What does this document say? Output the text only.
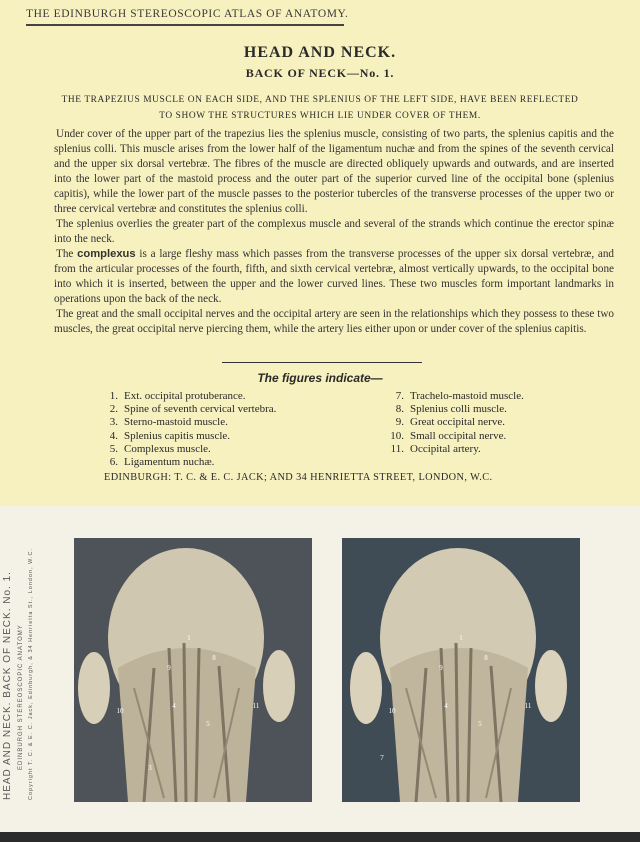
THE EDINBURGH STEREOSCOPIC ATLAS OF ANATOMY.
HEAD AND NECK.
BACK OF NECK—No. 1.
THE TRAPEZIUS MUSCLE ON EACH SIDE, AND THE SPLENIUS OF THE LEFT SIDE, HAVE BEEN REFLECTED TO SHOW THE STRUCTURES WHICH LIE UNDER COVER OF THEM.

Under cover of the upper part of the trapezius lies the splenius muscle, consisting of two parts, the splenius capitis and the splenius colli. This muscle arises from the lower half of the ligamentum nuchæ and from the spines of the seventh cervical and the upper six dorsal vertebræ. The fibres of the muscle are directed obliquely upwards and outwards, and are inserted into the lower part of the mastoid process and the outer part of the superior curved line of the occipital bone (splenius capitis), while the lower part of the muscle passes to the posterior tubercles of the transverse processes of the upper two or three cervical vertebræ and constitutes the splenius colli.

The splenius overlies the greater part of the complexus muscle and several of the strands which continue the erector spinæ into the neck.

The complexus is a large fleshy mass which passes from the transverse processes of the upper six dorsal vertebræ, and from the articular processes of the fourth, fifth, and sixth cervical vertebræ, almost vertically upwards, to the occipital bone into which it is inserted, between the upper and the lower curved lines. These two muscles form important landmarks in operations upon the back of the neck.

The great and the small occipital nerves and the occipital artery are seen in the relationships which they possess to these two muscles, the great occipital nerve piercing them, while the artery lies either upon or under cover of the splenius capitis.

The figures indicate—
1. Ext. occipital protuberance.
2. Spine of seventh cervical vertebra.
3. Sterno-mastoid muscle.
4. Splenius capitis muscle.
5. Complexus muscle.
6. Ligamentum nuchæ.
7. Trachelo-mastoid muscle.
8. Splenius colli muscle.
9. Great occipital nerve.
10. Small occipital nerve.
11. Occipital artery.
EDINBURGH: T. C. & E. C. JACK; AND 34 HENRIETTA STREET, LONDON, W.C.
HEAD AND NECK. BACK OF NECK. No. 1. EDINBURGH STEREOSCOPIC ANATOMY Copyright T. C. & E. C. Jack, Edinburgh, & 34 Henrietta St., London, W.C.	1
9
8
4	11
5
10
3
1
9
8
4	11
5
10
7
